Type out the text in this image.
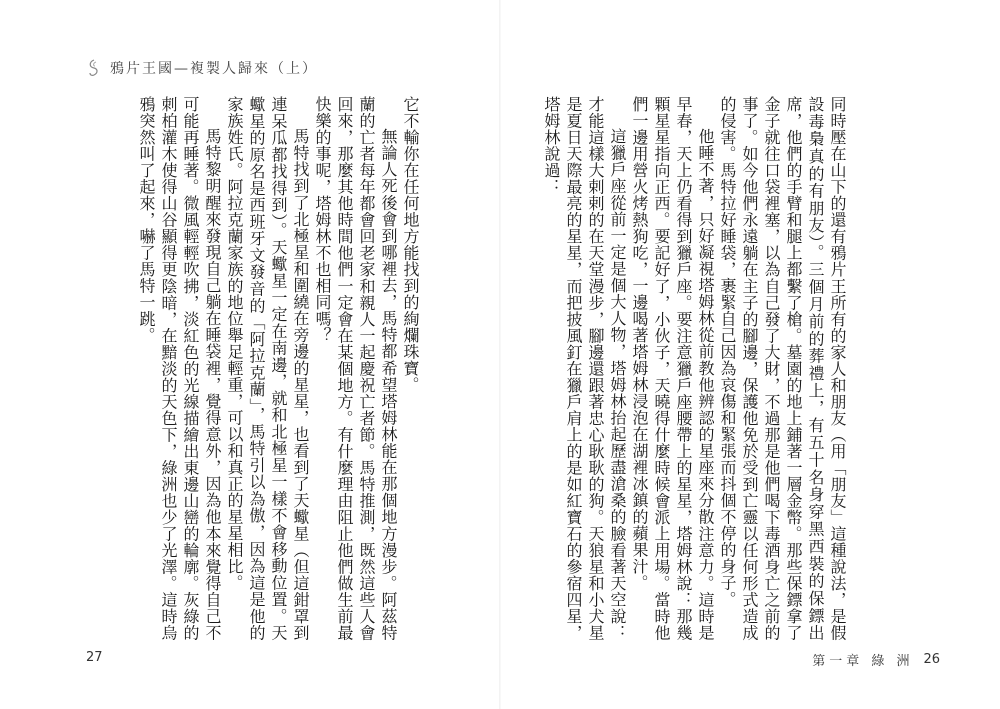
鴉片王國—複製人歸來（上）

同時壓在山下的還有鴉片王所有的家人和朋友（用「朋友」這種說法，是假設毒梟真的有朋友）。三個月前的葬禮上，有五十名身穿黑西裝的保鏢出席，他們的手臂和腿上都繫了槍。墓園的地上鋪著一層金幣。那些保鏢拿了金子就往口袋裡塞，以為自己發了大財，不過那是他們喝下毒酒身亡之前的事了。如今他們永遠躺在主子的腳邊，保護他免於受到亡靈以任何形式造成的侵害。馬特拉好睡袋，裹緊自己因為哀傷和緊張而抖個不停的身子。

他睡不著，只好凝視塔姆林從前教他辨認的星座來分散注意力。這時是早春，天上仍看得到獵戶座。要注意獵戶座腰帶上的星星，塔姆林說：那幾顆星星指向正西。要記好了，小伙子，天曉得什麼時候會派上用場。當時他們一邊用營火烤熱狗吃，一邊喝著塔姆林浸泡在湖裡冰鎮的蘋果汁。

這獵戶座從前一定是個大人物，塔姆林抬起歷盡滄桑的臉看著天空說：才能這樣大剌剌的在天堂漫步，腳邊還跟著忠心耿耿的狗。天狼星和小犬星是夏日天際最亮的星星，而把披風釘在獵戶肩上的是如紅寶石的參宿四星，塔姆林說過：

它不輸你在任何地方能找到的絢爛珠寶。

無論人死後會到哪裡去，馬特都希望塔姆林能在那個地方漫步。阿茲特蘭的亡者每年都會回老家和親人一起慶祝亡者節。馬特推測，既然這些人會回來，那麼其他時間他們一定會在某個地方。有什麼理由阻止他們做生前最快樂的事呢，塔姆林不也相同嗎？

馬特找到了北極星和圍繞在旁邊的星星，也看到了天蠍星（但這鉗罩到連呆瓜都找得到）。天蠍星一定在南邊，就和北極星一樣不會移動位置。天蠍星的原名是西班牙文發音的「阿拉克蘭」，馬特引以為傲，因為這是他的家族姓氏。阿拉克蘭家族的地位舉足輕重，可以和真正的星星相比。

馬特黎明醒來發現自己躺在睡袋裡，覺得意外，因為他本來覺得自己不可能再睡著。微風輕輕吹拂，淡紅色的光線描繪出東邊山巒的輪廓。灰綠的刺柏灌木使得山谷顯得更陰暗，在黯淡的天色下，綠洲也少了光澤。這時烏鴉突然叫了起來，嚇了馬特一跳。

27	第一章 綠 洲 26
